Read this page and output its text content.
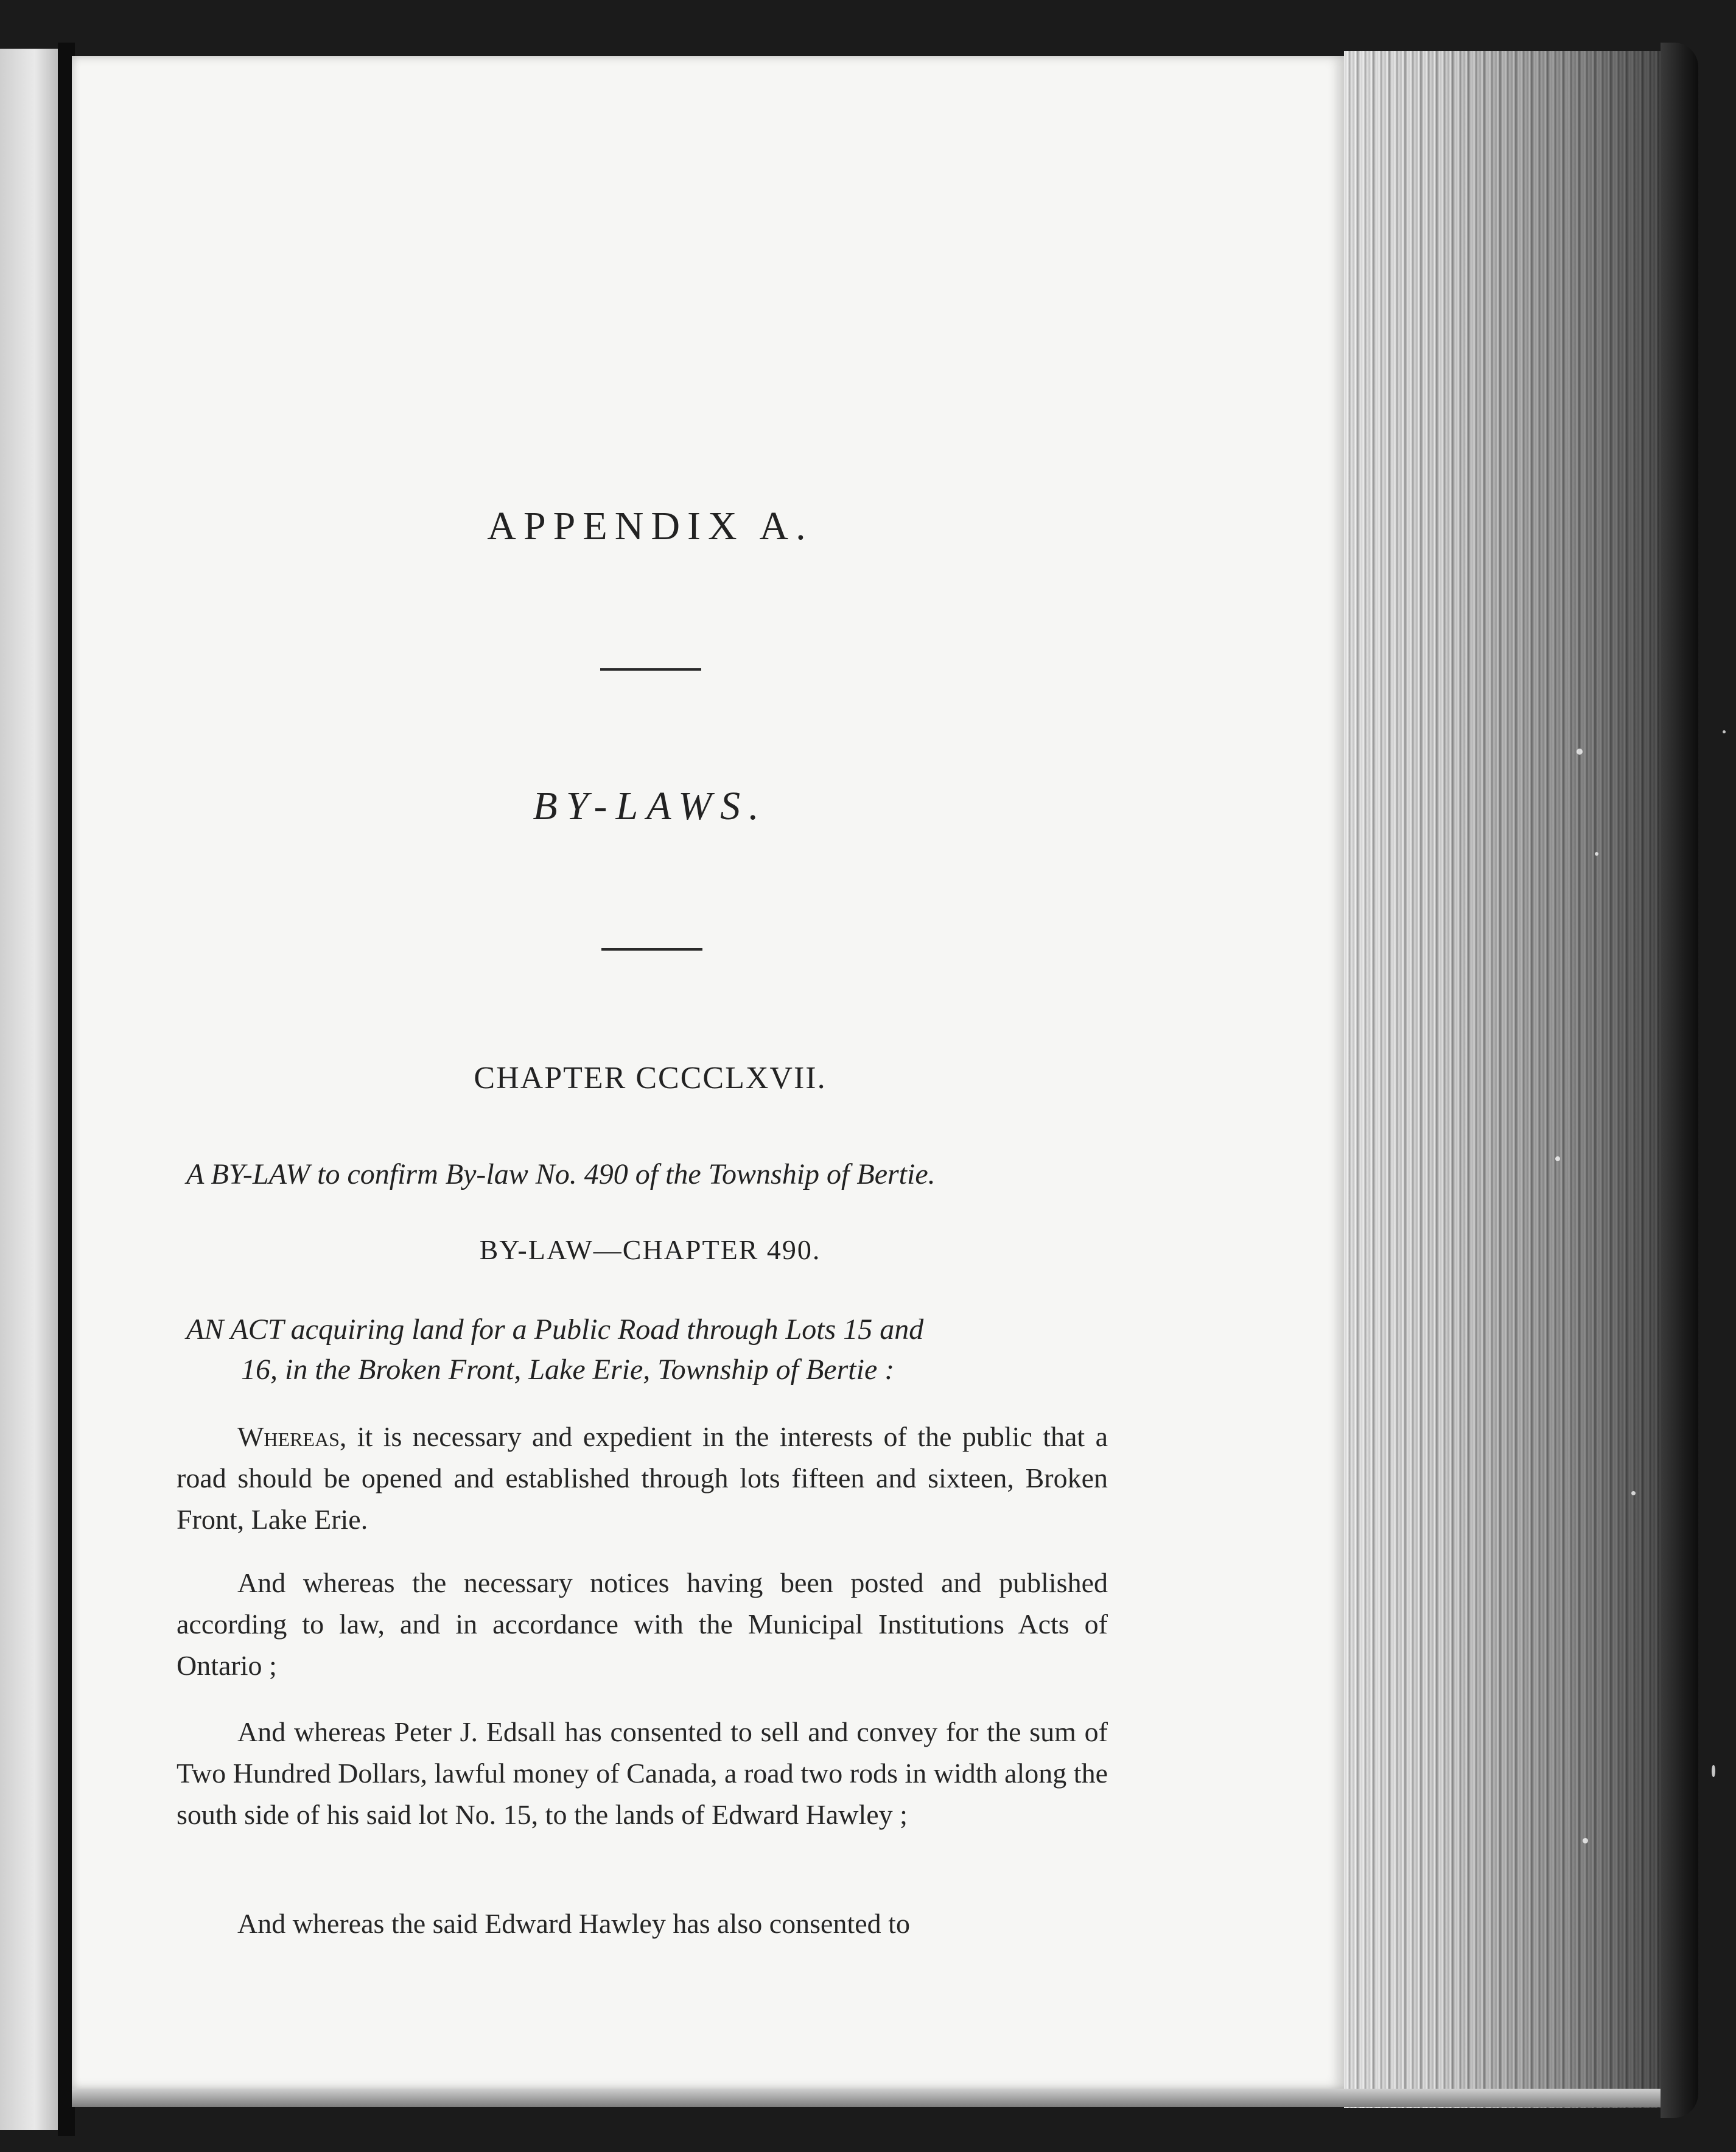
APPENDIX A.
BY-LAWS.
CHAPTER CCCCLXVII.
A BY-LAW to confirm By-law No. 490 of the Township of Bertie.
BY-LAW—CHAPTER 490.
AN ACT acquiring land for a Public Road through Lots 15 and
16, in the Broken Front, Lake Erie, Township of Bertie :
Whereas, it is necessary and expedient in the interests of the public that a road should be opened and established through lots fifteen and sixteen, Broken Front, Lake Erie.
And whereas the necessary notices having been posted and published according to law, and in accordance with the Municipal Institutions Acts of Ontario ;
And whereas Peter J. Edsall has consented to sell and convey for the sum of Two Hundred Dollars, lawful money of Canada, a road two rods in width along the south side of his said lot No. 15, to the lands of Edward Hawley ;
And whereas the said Edward Hawley has also consented to
